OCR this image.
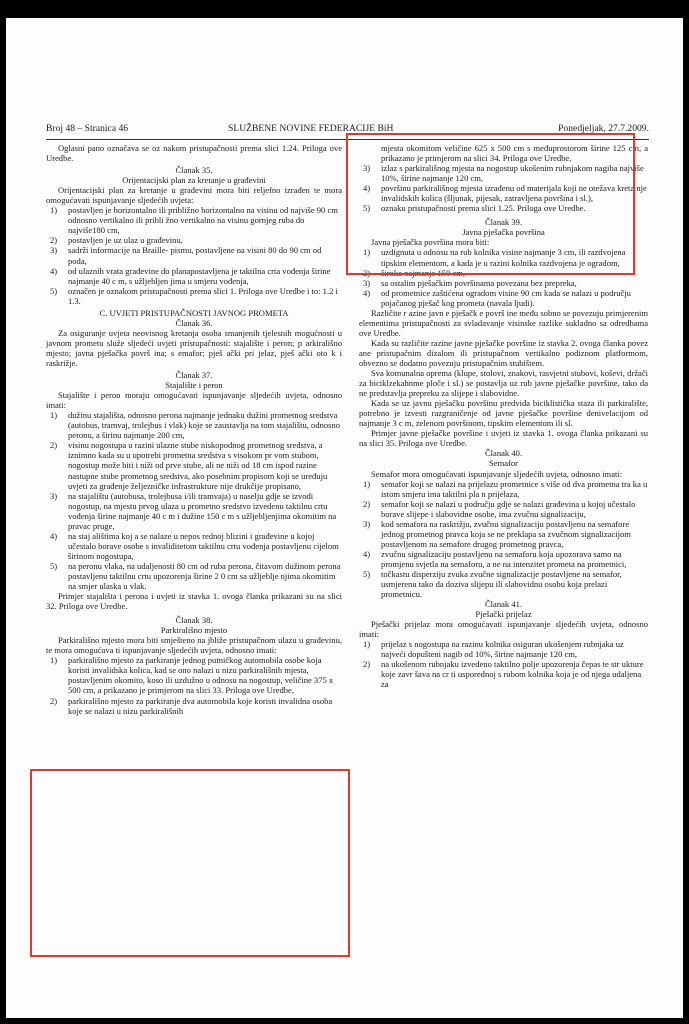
Broj 48 – Stranica 46	SLUŽBENE NOVINE FEDERACIJE BiH	Ponedjeljak, 27.7.2009.

Oglasni pano označava se oz nakom pristupačnosti prema slici 1.24. Priloga ove Uredbe.

Članak 35.
Orijentacijski plan za kretanje u građevini

Orijentacijski plan za kretanje u građevini mora biti reljefno izrađen te mora omogućavati ispunjavanje sljedećih uvjeta:

1) postavljen je horizontalno ili približno horizontalno na visinu od najviše 90 cm odnosno vertikalno ili pribli žno vertikalno na visinu gornjeg ruba do najviše180 cm,
2) postavljen je uz ulaz u građevinu,
3) sadrži informacije na Braille- pismu, postavljene na visini 80 do 90 cm od poda,
4) od ulaznih vrata građevine do planapostavljena je taktilna crta vođenja širine najmanje 40 c m, s užljebljen jima u smjeru vođenja,
5) označen je oznakom pristupačnosti prema slici 1. Priloga ove Uredbe i to: 1.2 i 1.3.
C. UVJETI PRISTUPAČNOSTI JAVNOG PROMETA
Članak 36.

Za osiguranje uvjeta neovisnog kretanja osoba smanjenih tjelesnih mogućnosti u javnom prometu služe sljedeći uvjeti pristupačnosti: stajalište i peron; p arkirališno mjesto; javna pješačka površ ina; s emafor; pješ ački pri jelaz, pješ ački oto k i raskrižje.

Članak 37.
Stajalište i peron

Stajalište i peron moraju omogućavati ispunjavanje sljedećih uvjeta, odnosno imati:

1) dužinu stajališta, odnosno perona najmanje jednaku dužini prometnog sredstva (autobus, tramvaj, trolejbus i vlak) koje se zaustavlja na tom stajalištu, odnosno peronu, a širinu najmanje 200 cm,
2) visinu nogostupa u razini ulazne stube niskopodnog prometnog sredstva, a iznimno kada su u upotrebi prometna sredstva s visokom pr vom stubom, nogostup može biti i niži od prve stube, ali ne niži od 18 cm ispod razine nastupne stube prometnog sredstva, ako posebnim propisom koji se uređuju uvjeti za građenje željezničke infrastrukture nije drukčije propisano,
3) na stajalištu (autobusa, trolejbusa i/ili tramvaja) u naselju gdje se izvodi nogostup, na mjestu prvog ulaza u prometno sredstvo izvedenu taktilnu crtu vođenja širine najmanje 40 c m i dužine 150 c m s užljebljenjima okomitim na pravac pruge,
4) na staj alištima koj a se nalaze u nepos rednoj blizini i građevine u kojoj učestalo borave osobe s invaliditetom taktilnu crtu vođenja postavljenu cijelom širinom nogostupa,
5) na peronu vlaka, na udaljenosti 80 cm od ruba perona, čitavom dužinom perona postavljenu taktilnu crtu upozorenja širine 2 0 cm sa užljeblje njima okomitim na smjer ulaska u vlak.

Primjer stajališta i perona i uvjeti iz stavka 1. ovoga članka prikazani su na slici 32. Priloga ove Uredbe.

Članak 38.
Parkirališno mjesto

Parkirališno mjesto mora biti smješteno na jbliže pristupačnom ulazu u građevinu, te mora omogućava ti ispunjavanje sljedećih uvjeta, odnosno imati:

1) parkirališno mjesto za parkiranje jednog putničkog automobila osobe koja koristi invalidska kolica, kad se ono nalazi u nizu parkirališnih mjesta, postavljenim okomito, koso ili uzdužno u odnosu na nogostup, veličine 375 x 500 cm, a prikazano je primjerom na slici 33. Priloga ove Uredbe,
2) parkirališno mjesto za parkiranje dva automobila koje koristi invalidna osoba koje se nalazi u nizu parkirališnih

mjesta okomitom veličine 625 x 500 cm s međuprostorom širine 125 cm, a prikazano je primjerom na slici 34. Priloga ove Uredbe,

3) izlaz s parkirališnog mjesta na nogostup ukošenim rubnjakom nagiba najviše 10%, širine najmanje 120 cm,
4) površinu parkirališnog mjesta izrađenu od materijala koji ne otežava kreta nje invalidskih kolica (šljunak, pijesak, zatravljena površina i sl.),
5) oznaku pristupačnosti prema slici 1.25. Priloga ove Uredbe.
Članak 39.
Javna pješačka površina

Javna pješačka površina mora biti:

1) uzdignuta u odnosu na rub kolnika visine najmanje 3 cm, ili razdvojena tipskim elementom, a kada je u razini kolnika razdvojena je ogradom,
2) široka najmanje 150 cm,
3) sa ostalim pješačkim površinama povezana bez prepreka,
4) od prometnice zaštićena ogradom visine 90 cm kada se nalazi u području pojačanog pješač kog prometa (navala ljudi).

Različite r azine javn e pješačk e površ ine među sobno se povezuju primjerenim elementima pristupačnosti za svladavanje visinske razlike sukladno sa odredbama ove Uredbe.

Kada su različite razine javne pješačke površine iz stavka 2. ovoga članka povez ane pristupačnim dizalom ili pristupačnom vertikalno podiznom platformom, obvezno se dodatno povezuju pristupačnim stubištem.

Sva komunalna oprema (klupe, stolovi, znakovi, rasvjetni stubovi, koševi, držači za biciklzekahnme ploče i sl.) se postavlja uz rub javne pješačke površine, tako da ne predstavlja prepreku za slijepe i slabovidne.

Kada se uz javnu pješačku površinu predviđa biciklistička staza ili parkiralište, potrebno je izvesti razgraničenje od javne pješačke površine denivelacijom od najmanje 3 c m, zelenom površinom, tipskim elementom ili sl.

Primjer javne pješačke površine i uvjeti iz stavka 1. ovoga članka prikazani su na slici 35. Priloga ove Uredbe.

Članak 40.
Semafor

Semafor mora omogućavati ispunjavanje sljedećih uvjeta, odnosno imati:

1) semafor koji se nalazi na prijelazu prometnice s više od dva prometna tra ka u istom smjeru ima taktilni pla n prijelaza,
2) semafor koji se nalazi u području gdje se nalazi građevina u kojoj učestalo borave slijepe i slabovidne osobe, ima zvučnu signalizaciju,
3) kod semafora na raskrižju, zvučnu signalizaciju postavljenu na semafore jednog prometnog pravca koja se ne preklapa sa zvučnom signalizacijom postavljenom na semafore drugog prometnog pravca,
4) zvučnu signalizaciju postavljenu na semaforu koja upozorava samo na promjenu svjetla na semaforu, a ne na intenzitet prometa na prometnici,
5) točkastu disperziju zvuka zvučne signalizacije postavljene na semafor, usmjerenu tako da doziva slijepu ili slabovidnu osobu koja prelazi prometnicu.
Članak 41.
Pješački prijelaz

Pješački prijelaz mora omogućavati ispunjavanje sljedećih uvjeta, odnosno imati:

1) prijelaz s nogostupa na razinu kolnika osiguran ukošenjem rubnjaka uz najveći dopušteni nagib od 10%, širine najmanje 120 cm,
2) na ukošenom rubnjaku izvedeno taktilno polje upozorenja čepas te str ukture koje zavr šava na cr ti usporednoj s rubom kolnika koja je od njega udaljena za
